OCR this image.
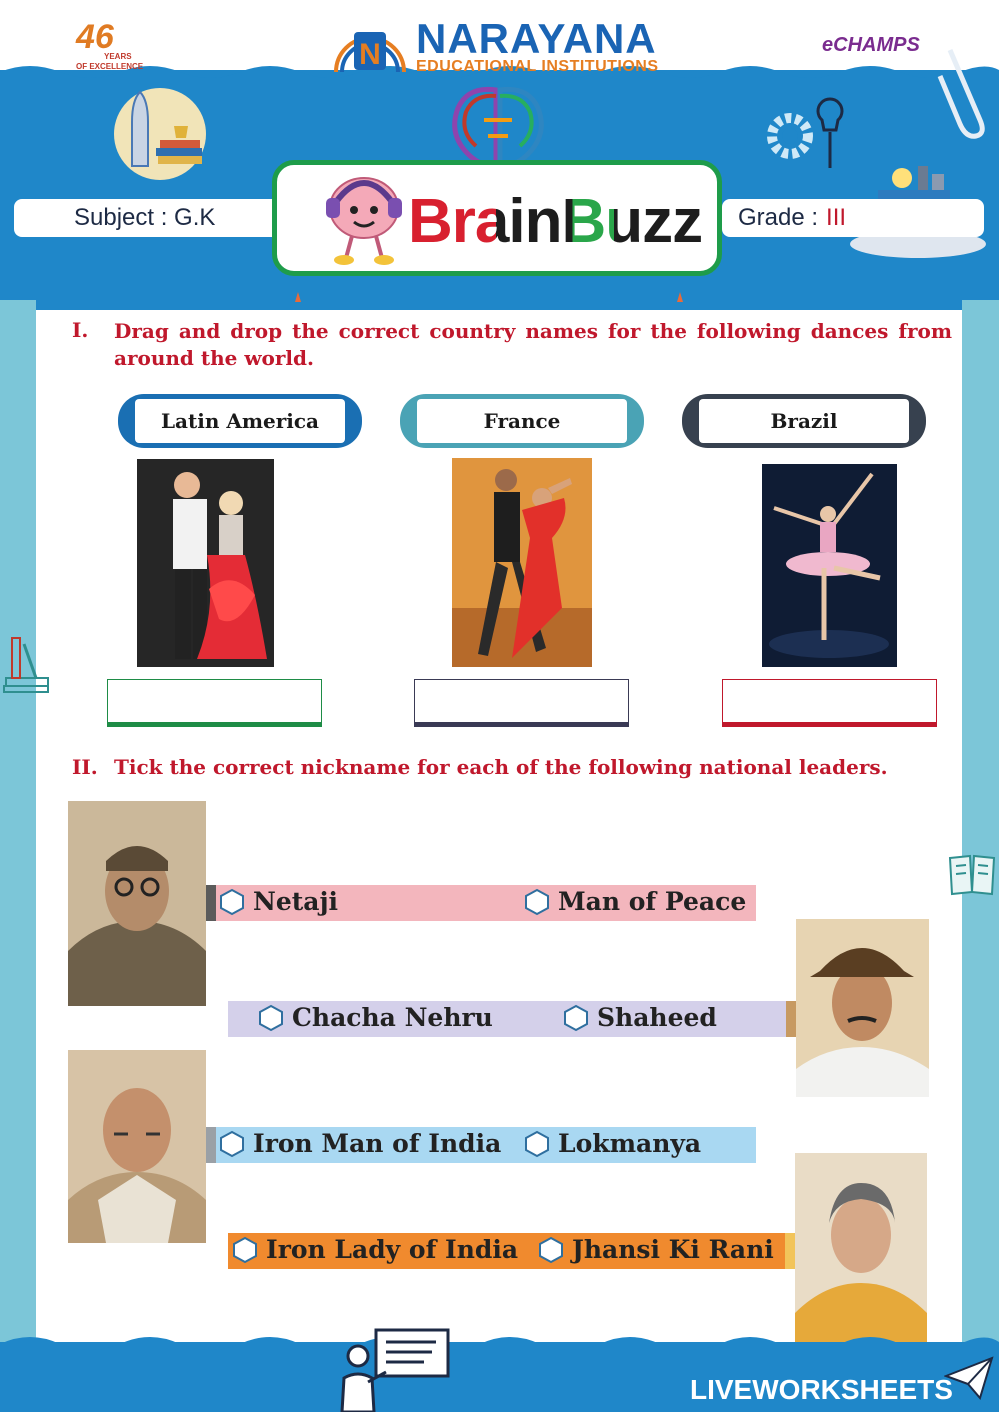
46
YEARS
OF EXCELLENCE	N NARAYANA
EDUCATIONAL INSTITUTIONS
eCHAMPS
Subject : G.K	Grade : III
BrainBuzz
I. Drag and drop the correct country names for the following dances from around the world.
Latin America	France	Brazil
II. Tick the correct nickname for each of the following national leaders.
Netaji	Man of Peace
Chacha Nehru	Shaheed
Iron Man of India Lokmanya
Iron Lady of India Jhansi Ki Rani
LIVEWORKSHEETS
